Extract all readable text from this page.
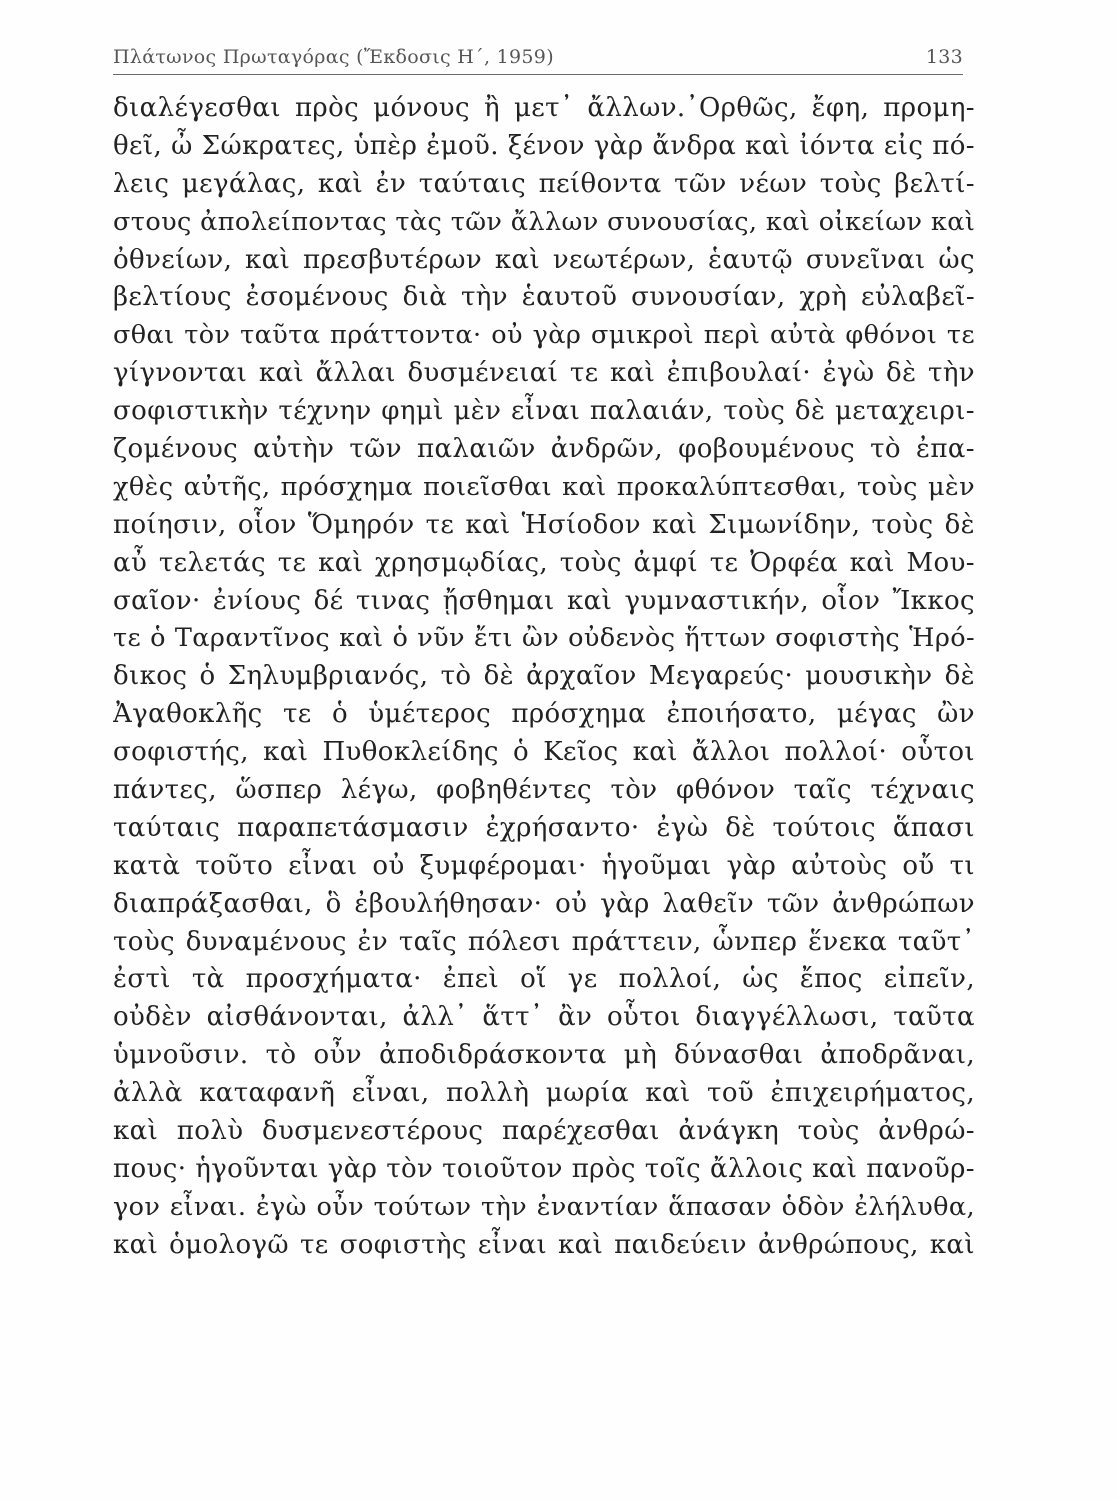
Πλάτωνος Πρωταγόρας (Ἔκδοσις Η΄, 1959)	133
διαλέγεσθαι πρὸς μόνους ἢ μετ᾽ ἄλλων.᾽Ορθῶς, ἔφη, προμη-
θεῖ, ὦ Σώκρατες, ὑπὲρ ἐμοῦ. ξένον γὰρ ἄνδρα καὶ ἰόντα εἰς πό-
λεις μεγάλας, καὶ ἐν ταύταις πείθοντα τῶν νέων τοὺς βελτί-
στους ἀπολείποντας τὰς τῶν ἄλλων συνουσίας, καὶ οἰκείων καὶ
ὀθνείων, καὶ πρεσβυτέρων καὶ νεωτέρων, ἑαυτῷ συνεῖναι ὡς
βελτίους ἐσομένους διὰ τὴν ἑαυτοῦ συνουσίαν, χρὴ εὐλαβεῖ-
σθαι τὸν ταῦτα πράττοντα· οὐ γὰρ σμικροὶ περὶ αὐτὰ φθόνοι τε
γίγνονται καὶ ἄλλαι δυσμένειαί τε καὶ ἐπιβουλαί· ἐγὼ δὲ τὴν
σοφιστικὴν τέχνην φημὶ μὲν εἶναι παλαιάν, τοὺς δὲ μεταχειρι-
ζομένους αὐτὴν τῶν παλαιῶν ἀνδρῶν, φοβουμένους τὸ ἐπα-
χθὲς αὐτῆς, πρόσχημα ποιεῖσθαι καὶ προκαλύπτεσθαι, τοὺς μὲν
ποίησιν, οἷον Ὅμηρόν τε καὶ Ἡσίοδον καὶ Σιμωνίδην, τοὺς δὲ
αὖ τελετάς τε καὶ χρησμῳδίας, τοὺς ἀμφί τε Ὀρφέα καὶ Μου-
σαῖον· ἐνίους δέ τινας ᾔσθημαι καὶ γυμναστικήν, οἷον Ἴκκος
τε ὁ Ταραντῖνος καὶ ὁ νῦν ἔτι ὢν οὐδενὸς ἥττων σοφιστὴς Ἡρό-
δικος ὁ Σηλυμβριανός, τὸ δὲ ἀρχαῖον Μεγαρεύς· μουσικὴν δὲ
Ἀγαθοκλῆς τε ὁ ὑμέτερος πρόσχημα ἐποιήσατο, μέγας ὢν
σοφιστής, καὶ Πυθοκλείδης ὁ Κεῖος καὶ ἄλλοι πολλοί· οὗτοι
πάντες, ὥσπερ λέγω, φοβηθέντες τὸν φθόνον ταῖς τέχναις
ταύταις παραπετάσμασιν ἐχρήσαντο· ἐγὼ δὲ τούτοις ἅπασι
κατὰ τοῦτο εἶναι οὐ ξυμφέρομαι· ἡγοῦμαι γὰρ αὐτοὺς οὔ τι
διαπράξασθαι, ὃ ἐβουλήθησαν· οὐ γὰρ λαθεῖν τῶν ἀνθρώπων
τοὺς δυναμένους ἐν ταῖς πόλεσι πράττειν, ὧνπερ ἕνεκα ταῦτ᾽
ἐστὶ τὰ προσχήματα· ἐπεὶ οἵ γε πολλοί, ὡς ἔπος εἰπεῖν,
οὐδὲν αἰσθάνονται, ἀλλ᾽ ἅττ᾽ ἂν οὗτοι διαγγέλλωσι, ταῦτα
ὑμνοῦσιν. τὸ οὖν ἀποδιδράσκοντα μὴ δύνασθαι ἀποδρᾶναι,
ἀλλὰ καταφανῆ εἶναι, πολλὴ μωρία καὶ τοῦ ἐπιχειρήματος,
καὶ πολὺ δυσμενεστέρους παρέχεσθαι ἀνάγκη τοὺς ἀνθρώ-
πους· ἡγοῦνται γὰρ τὸν τοιοῦτον πρὸς τοῖς ἄλλοις καὶ πανοῦρ-
γον εἶναι. ἐγὼ οὖν τούτων τὴν ἐναντίαν ἅπασαν ὁδὸν ἐλήλυθα,
καὶ ὁμολογῶ τε σοφιστὴς εἶναι καὶ παιδεύειν ἀνθρώπους, καὶ
